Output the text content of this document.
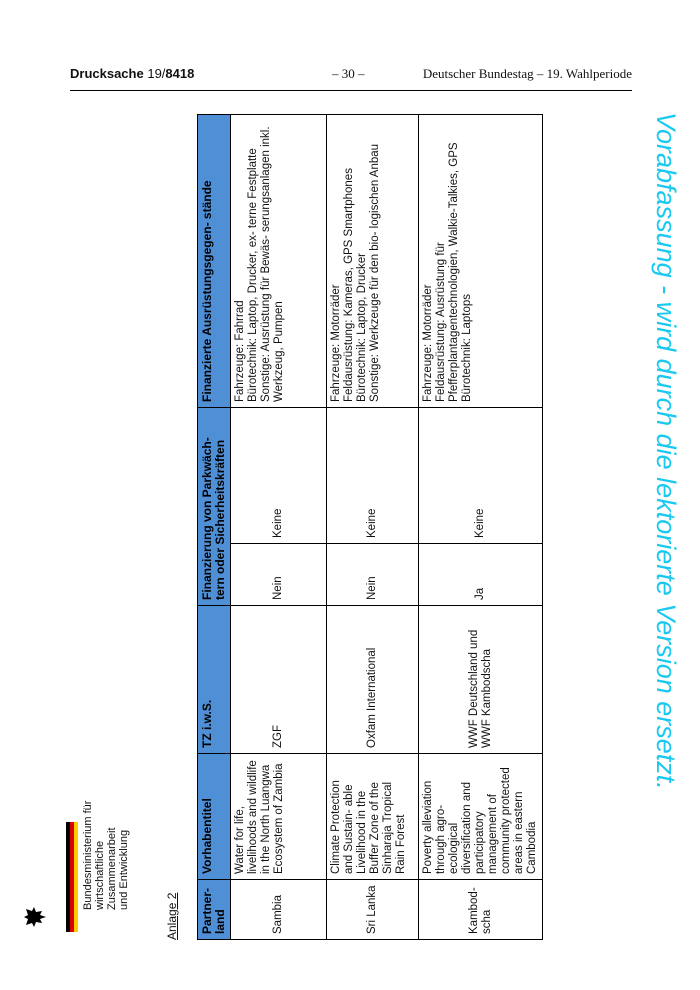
Drucksache 19/8418	– 30 –	Deutscher Bundestag – 19. Wahlperiode
Bundesministerium für wirtschaftliche Zusammenarbeit und Entwicklung
Anlage 2 Partner- land	Vorhabentitel	TZ i.w.S.	Finanzierung von Parkwäch- tern oder Sicherheitskräften		Finanzierte Ausrüstungsgegen- stände
Sambia	Water for life, livelihoods and wildlife in the North Luangwa Ecosystem of Zambia	ZGF	Nein	Keine	Fahrzeuge: Fahrrad Bürotechnik: Laptop, Drucker, ex- terne Festplatte Sonstige: Ausrüstung für Bewäs- serungsanlagen inkl. Werkzeug, Pumpen

Sri Lanka	Climate Protection and Sustain- able Livelihood in the Buffer Zone of the Sinharaja Tropical Rain Forest	Oxfam International	Nein	Keine	Fahrzeuge: Motorräder Feldausrüstung: Kameras, GPS Smartphones Bürotechnik: Laptop, Drucker Sonstige: Werkzeuge für den bio- logischen Anbau

Kambod- scha	Poverty alleviation through agro-ecological diversification and participatory management of community protected areas in eastern Cambodia	WWF Deutschland und WWF Kambodscha	Ja	Keine	Fahrzeuge: Motorräder Feldausrüstung: Ausrüstung für Pfefferplantagentechnologien, Walkie-Talkies, GPS Bürotechnik: Laptops	Vorabfassung - wird durch die lektorierte Version ersetzt.
